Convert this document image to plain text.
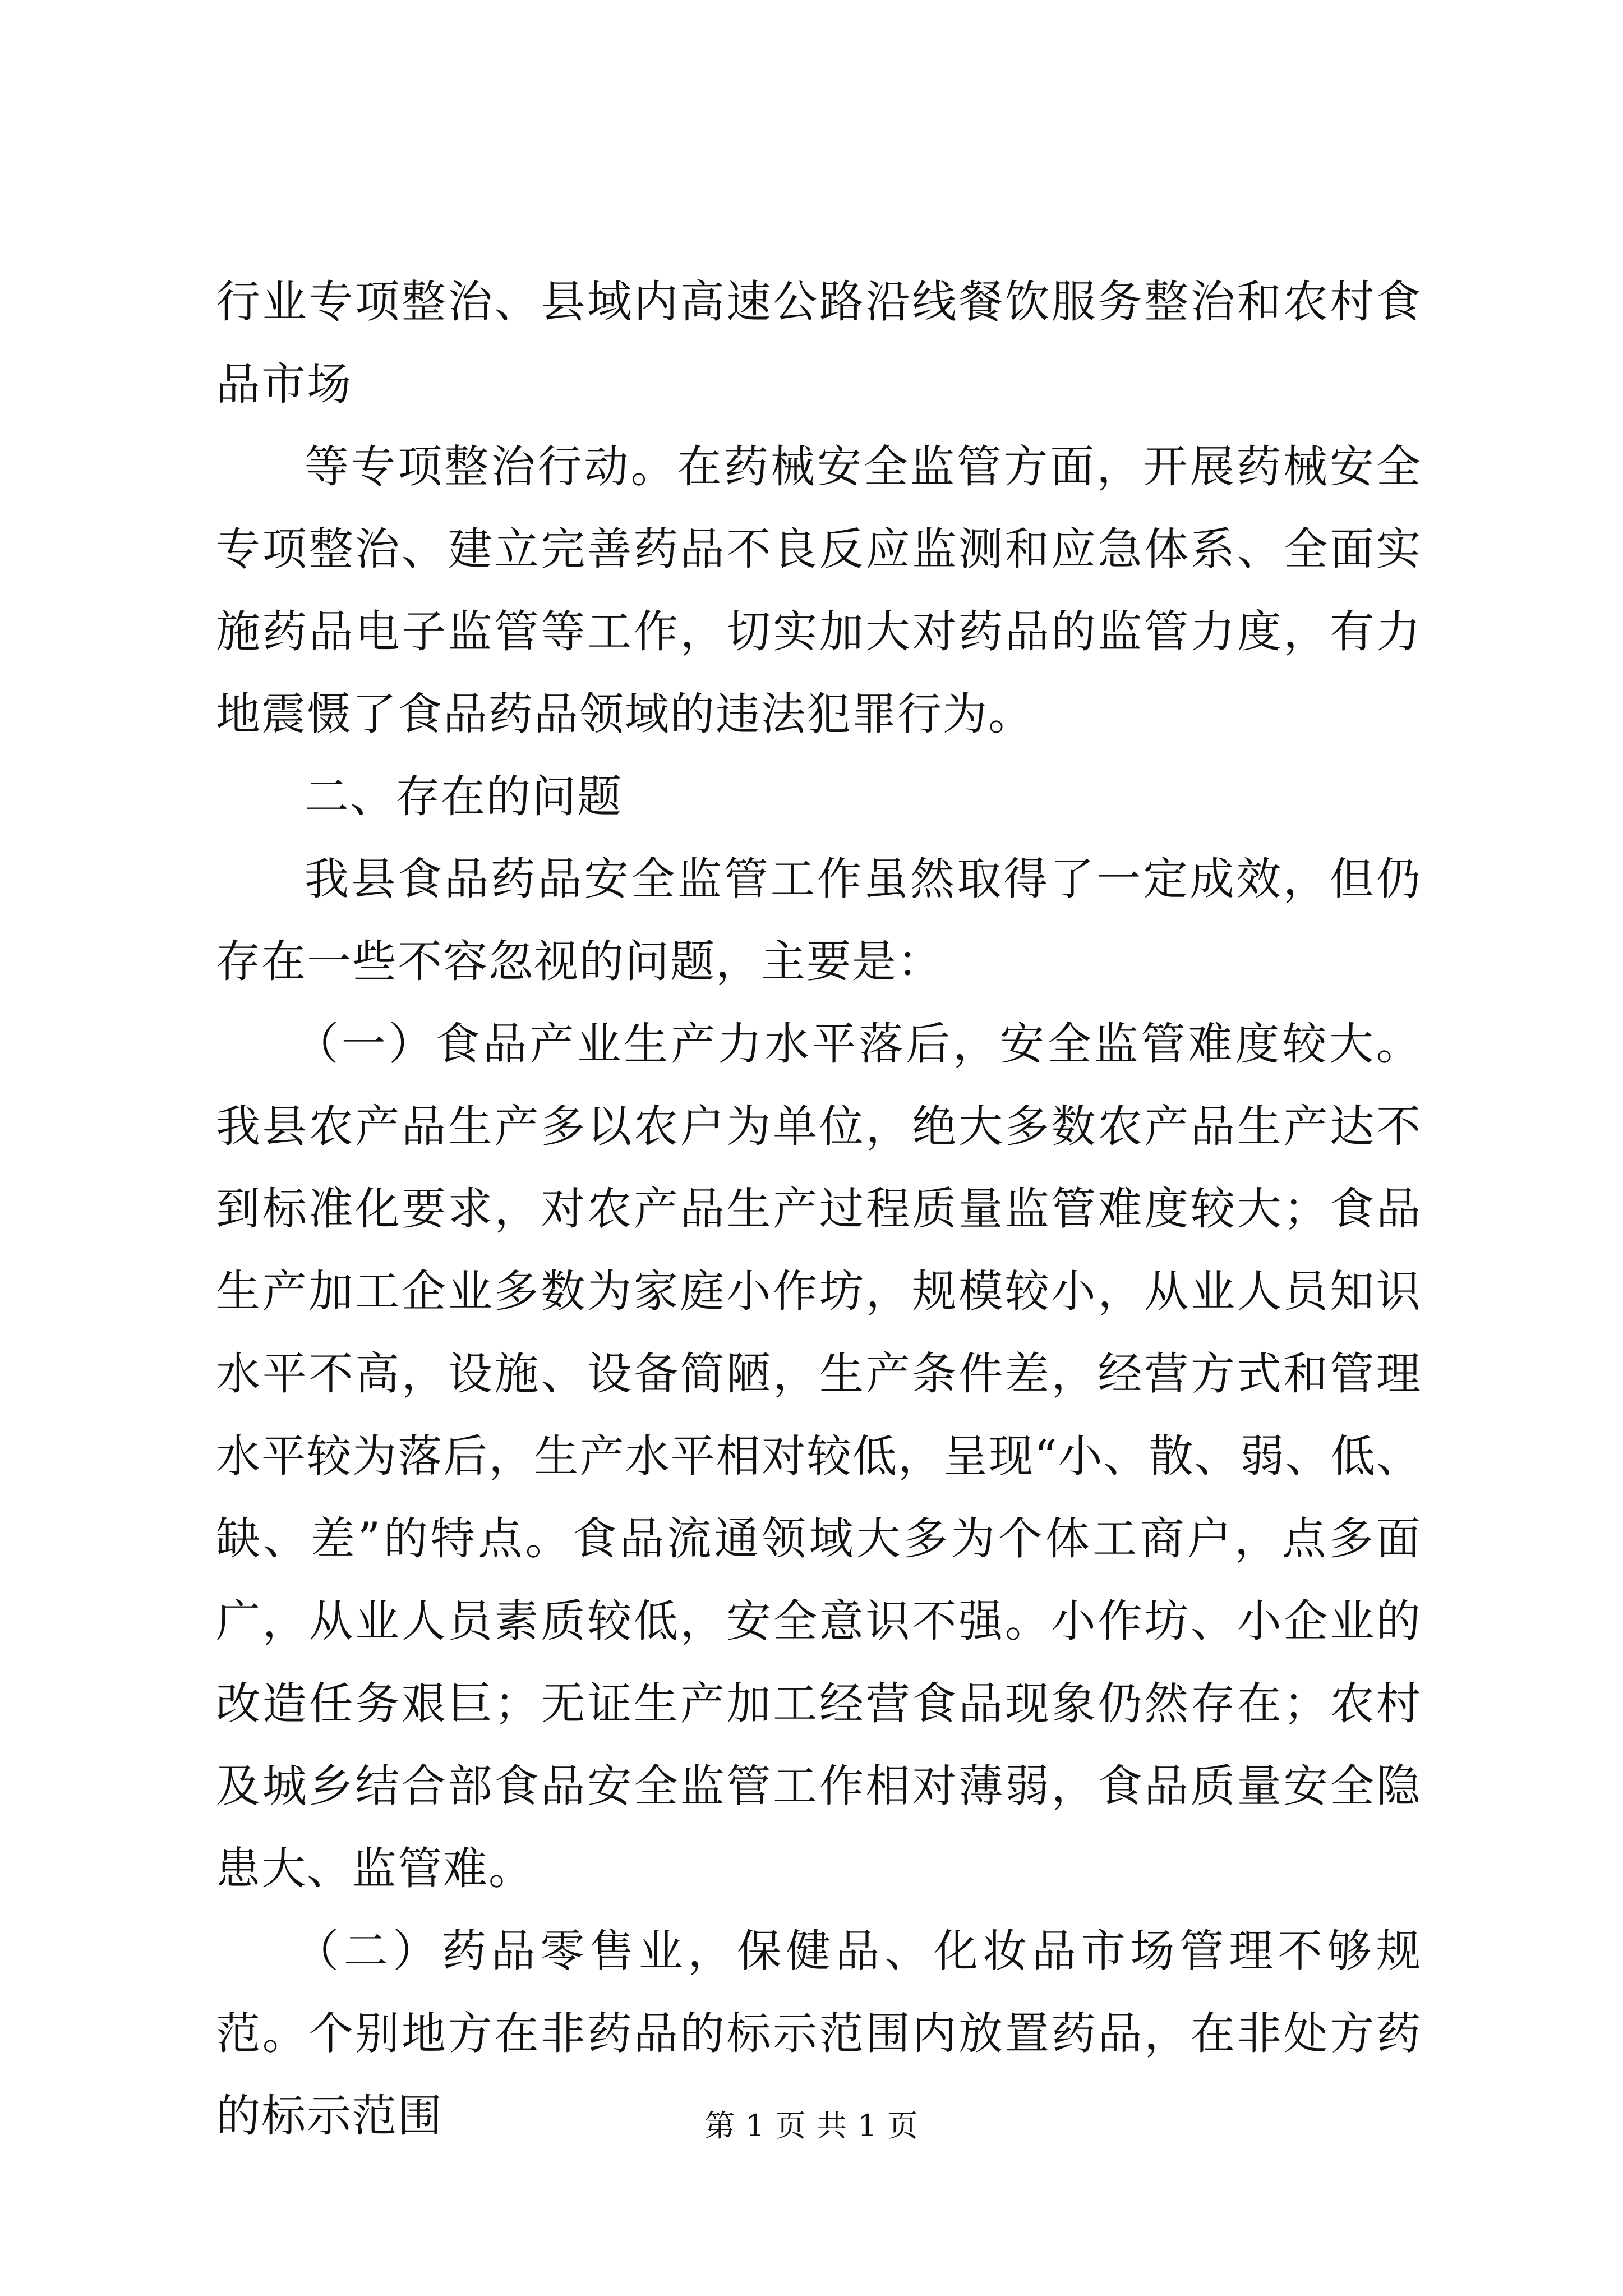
行业专项整治、县域内高速公路沿线餐饮服务整治和农村食品市场

等专项整治行动。在药械安全监管方面，开展药械安全专项整治、建立完善药品不良反应监测和应急体系、全面实施药品电子监管等工作，切实加大对药品的监管力度，有力地震慑了食品药品领域的违法犯罪行为。

二、存在的问题

我县食品药品安全监管工作虽然取得了一定成效，但仍存在一些不容忽视的问题，主要是：

（一）食品产业生产力水平落后，安全监管难度较大。我县农产品生产多以农户为单位，绝大多数农产品生产达不到标准化要求，对农产品生产过程质量监管难度较大；食品生产加工企业多数为家庭小作坊，规模较小，从业人员知识水平不高，设施、设备简陋，生产条件差，经营方式和管理水平较为落后，生产水平相对较低，呈现“小、散、弱、低、缺、差”的特点。食品流通领域大多为个体工商户，点多面广，从业人员素质较低，安全意识不强。小作坊、小企业的改造任务艰巨；无证生产加工经营食品现象仍然存在；农村及城乡结合部食品安全监管工作相对薄弱，食品质量安全隐患大、监管难。

（二）药品零售业，保健品、化妆品市场管理不够规范。个别地方在非药品的标示范围内放置药品，在非处方药的标示范围	第 1 页 共 1 页
